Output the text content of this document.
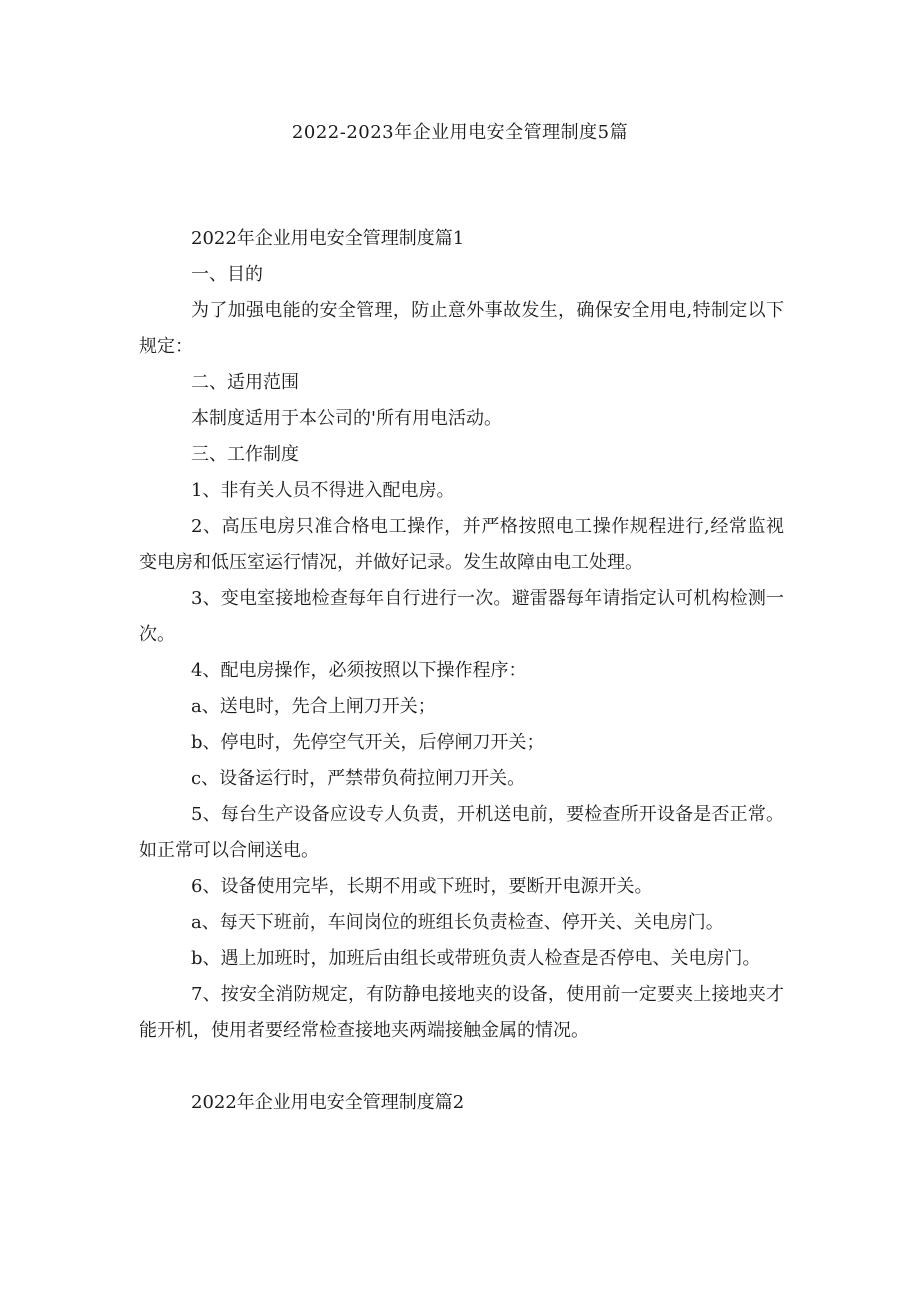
2022-2023年企业用电安全管理制度5篇

2022年企业用电安全管理制度篇1

一、目的

为了加强电能的安全管理，防止意外事故发生，确保安全用电,特制定以下规定：

二、适用范围

本制度适用于本公司的'所有用电活动。

三、工作制度

1、非有关人员不得进入配电房。

2、高压电房只准合格电工操作，并严格按照电工操作规程进行,经常监视变电房和低压室运行情况，并做好记录。发生故障由电工处理。

3、变电室接地检查每年自行进行一次。避雷器每年请指定认可机构检测一次。

4、配电房操作，必须按照以下操作程序：

a、送电时，先合上闸刀开关；

b、停电时，先停空气开关，后停闸刀开关；

c、设备运行时，严禁带负荷拉闸刀开关。

5、每台生产设备应设专人负责，开机送电前，要检查所开设备是否正常。如正常可以合闸送电。

6、设备使用完毕，长期不用或下班时，要断开电源开关。

a、每天下班前，车间岗位的班组长负责检查、停开关、关电房门。

b、遇上加班时，加班后由组长或带班负责人检查是否停电、关电房门。

7、按安全消防规定，有防静电接地夹的设备，使用前一定要夹上接地夹才能开机，使用者要经常检查接地夹两端接触金属的情况。

2022年企业用电安全管理制度篇2
